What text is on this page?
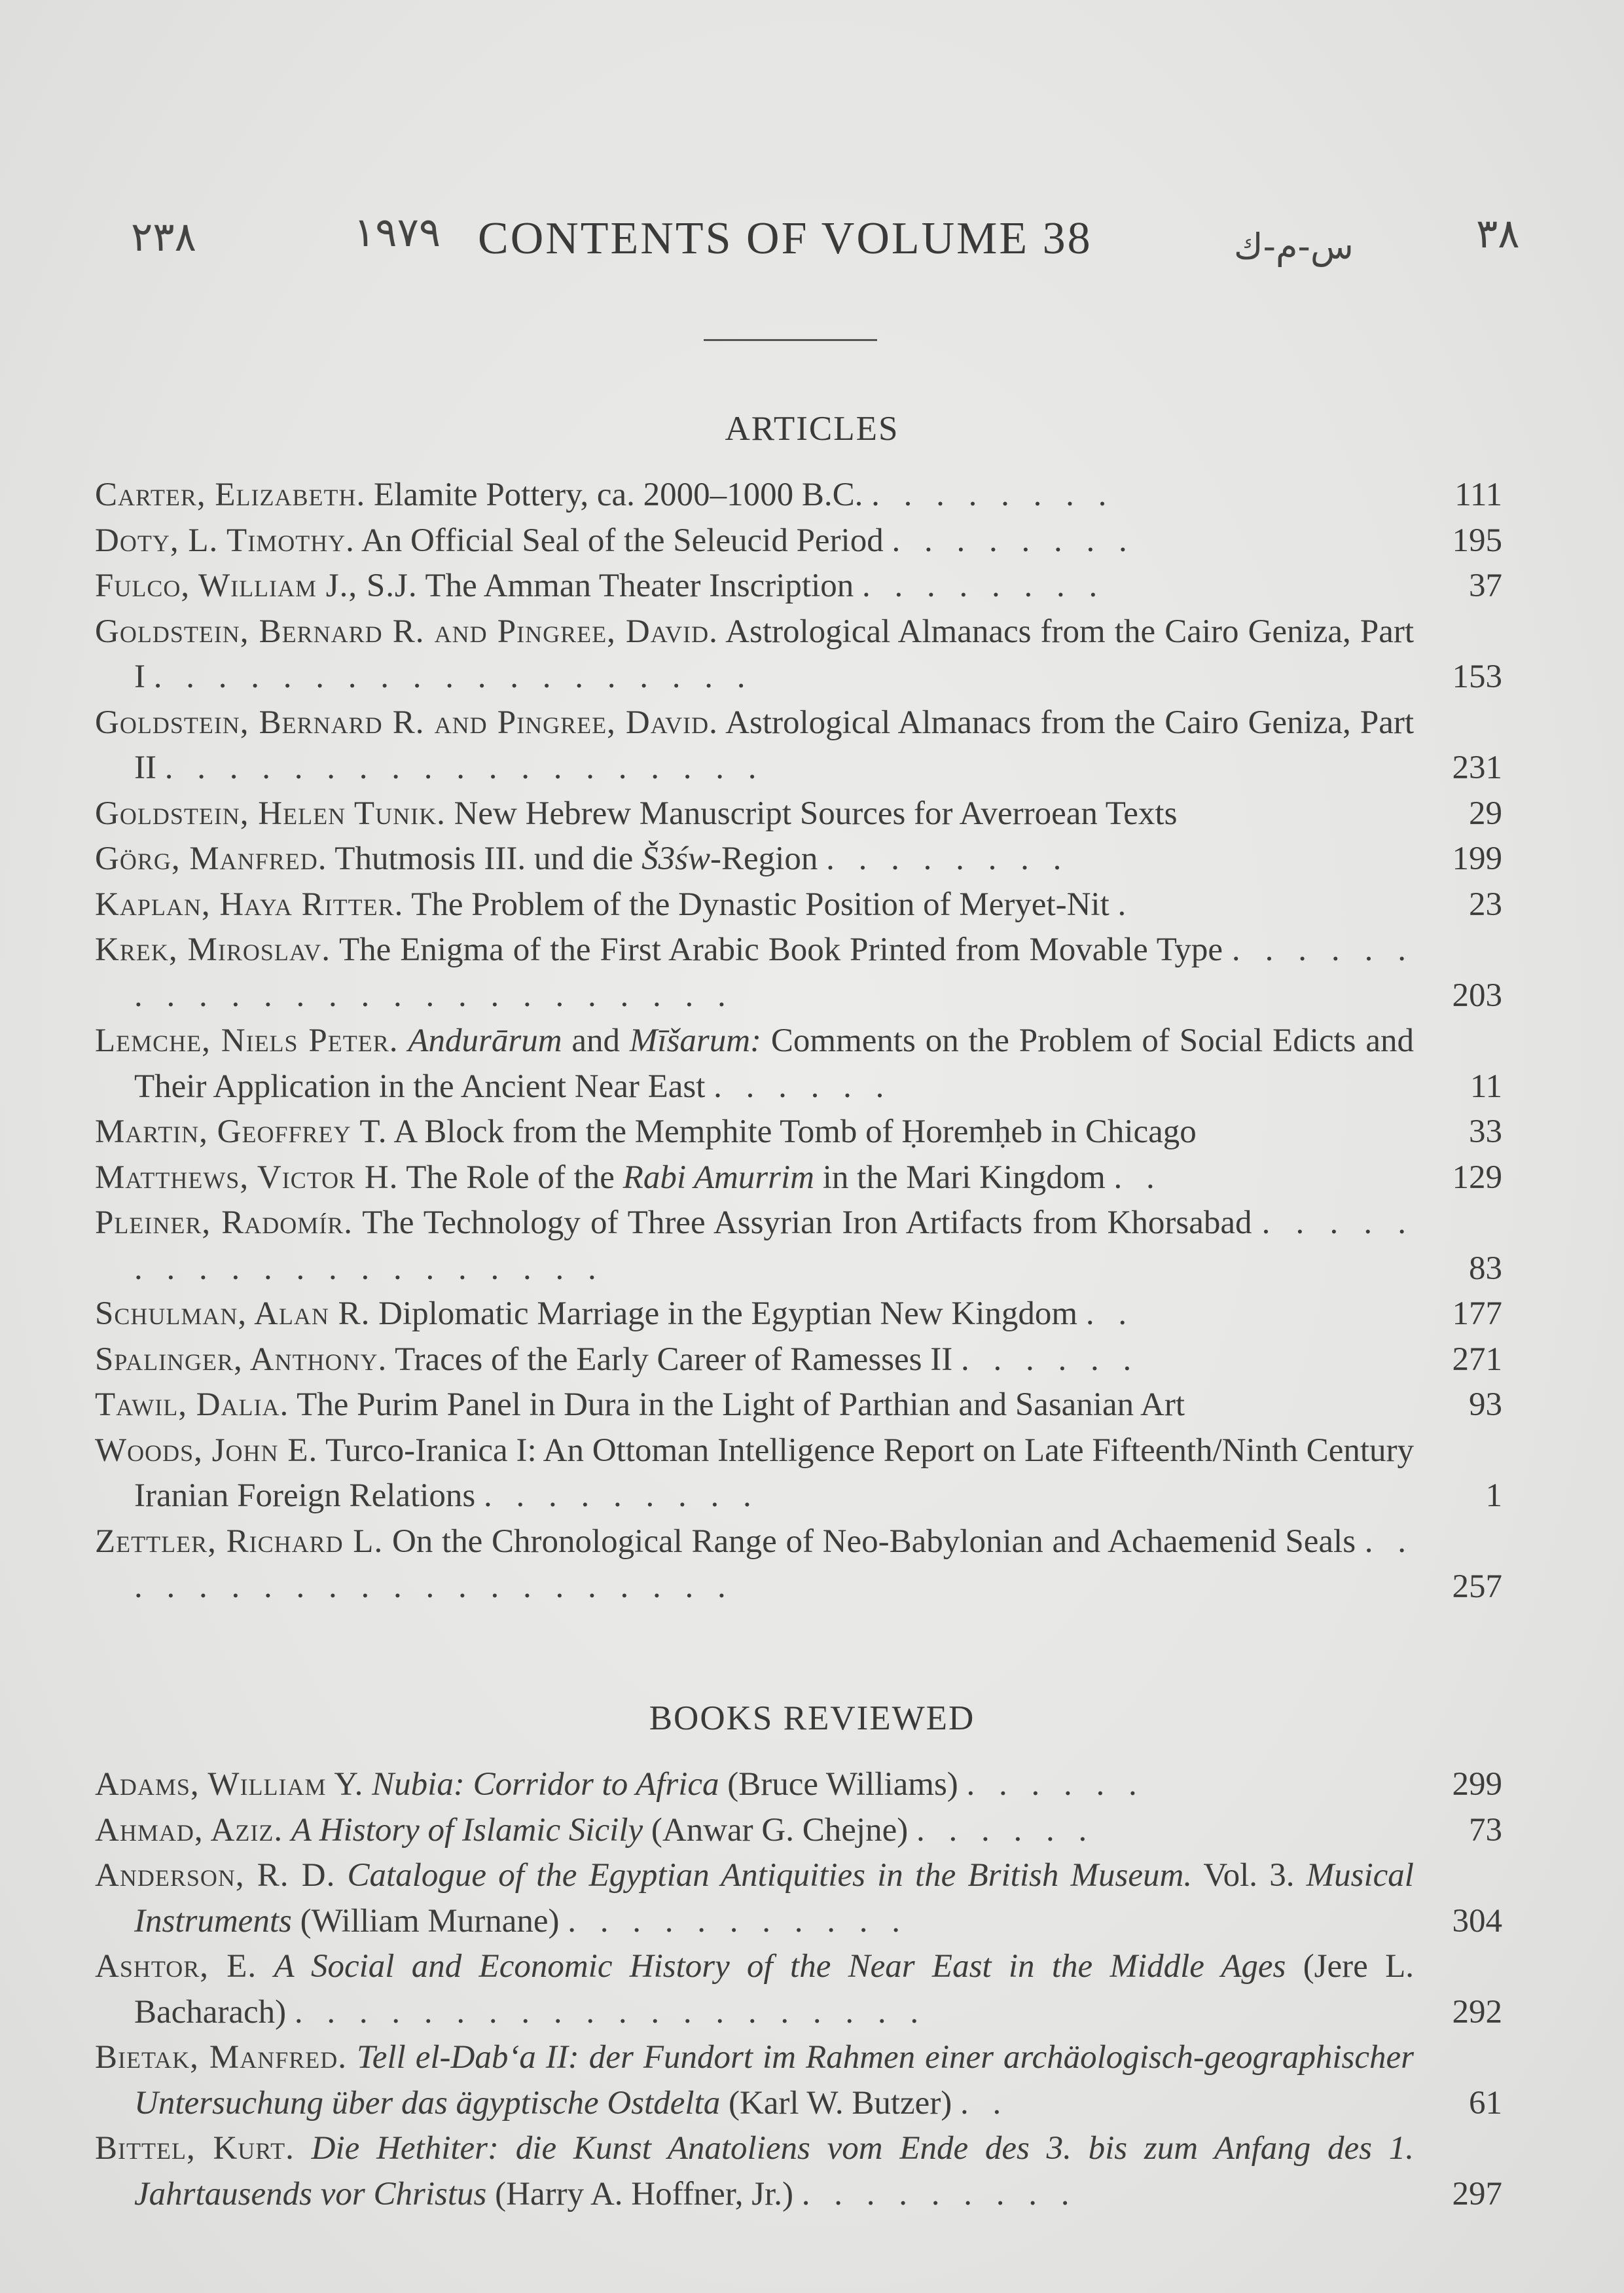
٢٣٨	١٩٧٩ CONTENTS OF VOLUME 38	س-م-ك	٣٨
ARTICLES
Carter, Elizabeth. Elamite Pottery, ca. 2000–1000 B.C. . . . . . . . .	111
Doty, L. Timothy. An Official Seal of the Seleucid Period . . . . . . . .	195
Fulco, William J., S.J. The Amman Theater Inscription . . . . . . . .	37
Goldstein, Bernard R. and Pingree, David. Astrological Almanacs from the Cairo Geniza, Part I . . . . . . . . . . . . . . . . . . .	153
Goldstein, Bernard R. and Pingree, David. Astrological Almanacs from the Cairo Geniza, Part II . . . . . . . . . . . . . . . . . . .	231
Goldstein, Helen Tunik. New Hebrew Manuscript Sources for Averroean Texts	29
Görg, Manfred. Thutmosis III. und die Š3św-Region . . . . . . . .	199
Kaplan, Haya Ritter. The Problem of the Dynastic Position of Meryet-Nit .	23
Krek, Miroslav. The Enigma of the First Arabic Book Printed from Movable Type . . . . . . . . . . . . . . . . . . . . . . . . .	203
Lemche, Niels Peter. Andurārum and Mīšarum: Comments on the Problem of Social Edicts and Their Application in the Ancient Near East . . . . . .	11
Martin, Geoffrey T. A Block from the Memphite Tomb of Ḥoremḥeb in Chicago	33
Matthews, Victor H. The Role of the Rabi Amurrim in the Mari Kingdom . .	129
Pleiner, Radomír. The Technology of Three Assyrian Iron Artifacts from Khorsabad . . . . . . . . . . . . . . . . . . . .	83
Schulman, Alan R. Diplomatic Marriage in the Egyptian New Kingdom . .	177
Spalinger, Anthony. Traces of the Early Career of Ramesses II . . . . . .	271
Tawil, Dalia. The Purim Panel in Dura in the Light of Parthian and Sasanian Art	93
Woods, John E. Turco-Iranica I: An Ottoman Intelligence Report on Late Fifteenth/Ninth Century Iranian Foreign Relations . . . . . . . . .	1
Zettler, Richard L. On the Chronological Range of Neo-Babylonian and Achaemenid Seals . . . . . . . . . . . . . . . . . . . . .	257
BOOKS REVIEWED
Adams, William Y. Nubia: Corridor to Africa (Bruce Williams) . . . . . .	299
Ahmad, Aziz. A History of Islamic Sicily (Anwar G. Chejne) . . . . . .	73
Anderson, R. D. Catalogue of the Egyptian Antiquities in the British Museum. Vol. 3. Musical Instruments (William Murnane) . . . . . . . . . . .	304
Ashtor, E. A Social and Economic History of the Near East in the Middle Ages (Jere L. Bacharach) . . . . . . . . . . . . . . . . . . . .	292
Bietak, Manfred. Tell el-Dab‘a II: der Fundort im Rahmen einer archäologisch-geographischer Untersuchung über das ägyptische Ostdelta (Karl W. Butzer) . .	61
Bittel, Kurt. Die Hethiter: die Kunst Anatoliens vom Ende des 3. bis zum Anfang des 1. Jahrtausends vor Christus (Harry A. Hoffner, Jr.) . . . . . . . . .	297
